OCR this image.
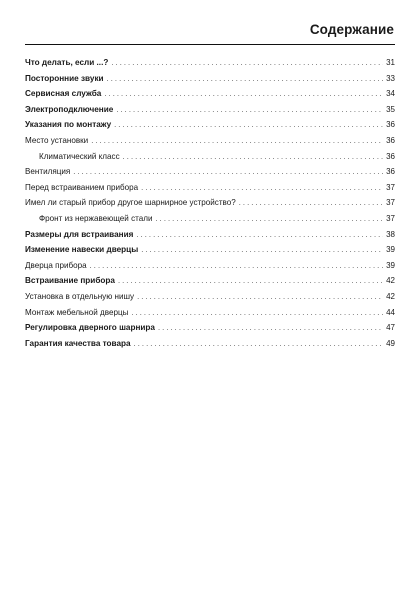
Содержание
Что делать, если ...? . . .	31
Посторонние звуки . . .	33
Сервисная служба . . .	34
Электроподключение . . .	35
Указания по монтажу . . .	36
Место установки . . .	36
Климатический класс . . .	36
Вентиляция . . .	36
Перед встраиванием прибора . . .	37
Имел ли старый прибор другое шарнирное устройство? . . .	37
Фронт из нержавеющей стали . . .	37
Размеры для встраивания . . .	38
Изменение навески дверцы . . .	39
Дверца прибора . . .	39
Встраивание прибора . . .	42
Установка в отдельную нишу . . .	42
Монтаж мебельной дверцы . . .	44
Регулировка дверного шарнира . . .	47
Гарантия качества товара . . .	49
